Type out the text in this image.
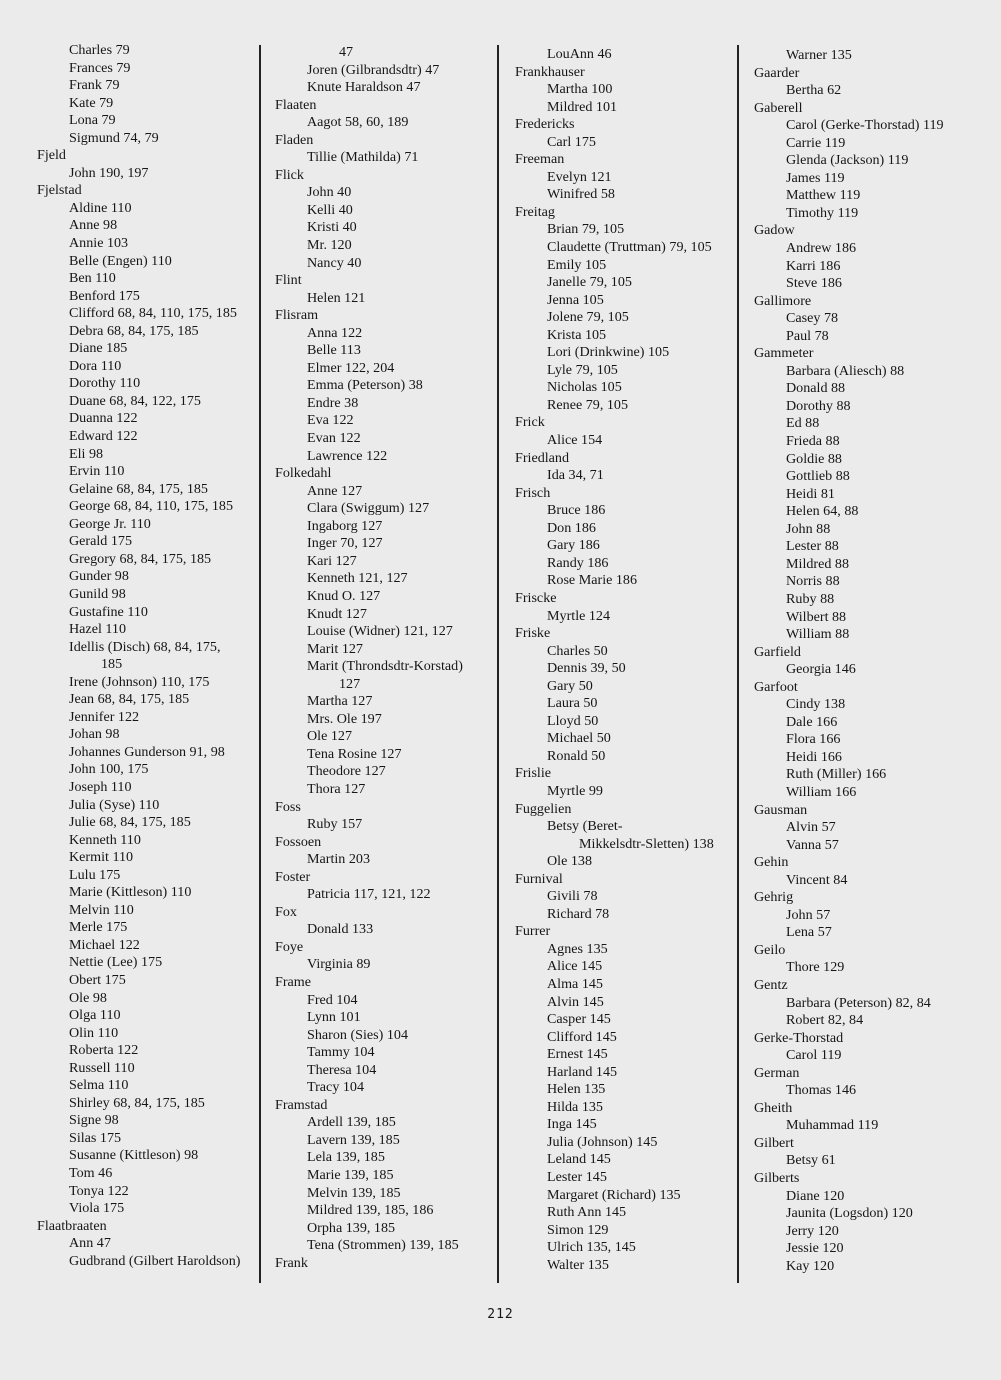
Charles 79
Frances 79
Frank 79
Kate 79
Lona 79
Sigmund 74, 79
Fjeld
John 190, 197
Fjelstad
Aldine 110
Anne 98
Annie 103
Belle (Engen) 110
Ben 110
Benford 175
Clifford 68, 84, 110, 175, 185
Debra 68, 84, 175, 185
Diane 185
Dora 110
Dorothy 110
Duane 68, 84, 122, 175
Duanna 122
Edward 122
Eli 98
Ervin 110
Gelaine 68, 84, 175, 185
George 68, 84, 110, 175, 185
George Jr. 110
Gerald 175
Gregory 68, 84, 175, 185
Gunder 98
Gunild 98
Gustafine 110
Hazel 110
Idellis (Disch) 68, 84, 175,
185
Irene (Johnson) 110, 175
Jean 68, 84, 175, 185
Jennifer 122
Johan 98
Johannes Gunderson 91, 98
John 100, 175
Joseph 110
Julia (Syse) 110
Julie 68, 84, 175, 185
Kenneth 110
Kermit 110
Lulu 175
Marie (Kittleson) 110
Melvin 110
Merle 175
Michael 122
Nettie (Lee) 175
Obert 175
Ole 98
Olga 110
Olin 110
Roberta 122
Russell 110
Selma 110
Shirley 68, 84, 175, 185
Signe 98
Silas 175
Susanne (Kittleson) 98
Tom 46
Tonya 122
Viola 175
Flaatbraaten
Ann 47
Gudbrand (Gilbert Haroldson)
47
Joren (Gilbrandsdtr) 47
Knute Haraldson 47
Flaaten
Aagot 58, 60, 189
Fladen
Tillie (Mathilda) 71
Flick
John 40
Kelli 40
Kristi 40
Mr. 120
Nancy 40
Flint
Helen 121
Flisram
Anna 122
Belle 113
Elmer 122, 204
Emma (Peterson) 38
Endre 38
Eva 122
Evan 122
Lawrence 122
Folkedahl
Anne 127
Clara (Swiggum) 127
Ingaborg 127
Inger 70, 127
Kari 127
Kenneth 121, 127
Knud O. 127
Knudt 127
Louise (Widner) 121, 127
Marit 127
Marit (Throndsdtr-Korstad)
127
Martha 127
Mrs. Ole 197
Ole 127
Tena Rosine 127
Theodore 127
Thora 127
Foss
Ruby 157
Fossoen
Martin 203
Foster
Patricia 117, 121, 122
Fox
Donald 133
Foye
Virginia 89
Frame
Fred 104
Lynn 101
Sharon (Sies) 104
Tammy 104
Theresa 104
Tracy 104
Framstad
Ardell 139, 185
Lavern 139, 185
Lela 139, 185
Marie 139, 185
Melvin 139, 185
Mildred 139, 185, 186
Orpha 139, 185
Tena (Strommen) 139, 185
Frank
LouAnn 46
Frankhauser
Martha 100
Mildred 101
Fredericks
Carl 175
Freeman
Evelyn 121
Winifred 58
Freitag
Brian 79, 105
Claudette (Truttman) 79, 105
Emily 105
Janelle 79, 105
Jenna 105
Jolene 79, 105
Krista 105
Lori (Drinkwine) 105
Lyle 79, 105
Nicholas 105
Renee 79, 105
Frick
Alice 154
Friedland
Ida 34, 71
Frisch
Bruce 186
Don 186
Gary 186
Randy 186
Rose Marie 186
Friscke
Myrtle 124
Friske
Charles 50
Dennis 39, 50
Gary 50
Laura 50
Lloyd 50
Michael 50
Ronald 50
Frislie
Myrtle 99
Fuggelien
Betsy (Beret-
Mikkelsdtr-Sletten) 138
Ole 138
Furnival
Givili 78
Richard 78
Furrer
Agnes 135
Alice 145
Alma 145
Alvin 145
Casper 145
Clifford 145
Ernest 145
Harland 145
Helen 135
Hilda 135
Inga 145
Julia (Johnson) 145
Leland 145
Lester 145
Margaret (Richard) 135
Ruth Ann 145
Simon 129
Ulrich 135, 145
Walter 135
Warner 135
Gaarder
Bertha 62
Gaberell
Carol (Gerke-Thorstad) 119
Carrie 119
Glenda (Jackson) 119
James 119
Matthew 119
Timothy 119
Gadow
Andrew 186
Karri 186
Steve 186
Gallimore
Casey 78
Paul 78
Gammeter
Barbara (Aliesch) 88
Donald 88
Dorothy 88
Ed 88
Frieda 88
Goldie 88
Gottlieb 88
Heidi 81
Helen 64, 88
John 88
Lester 88
Mildred 88
Norris 88
Ruby 88
Wilbert 88
William 88
Garfield
Georgia 146
Garfoot
Cindy 138
Dale 166
Flora 166
Heidi 166
Ruth (Miller) 166
William 166
Gausman
Alvin 57
Vanna 57
Gehin
Vincent 84
Gehrig
John 57
Lena 57
Geilo
Thore 129
Gentz
Barbara (Peterson) 82, 84
Robert 82, 84
Gerke-Thorstad
Carol 119
German
Thomas 146
Gheith
Muhammad 119
Gilbert
Betsy 61
Gilberts
Diane 120
Jaunita (Logsdon) 120
Jerry 120
Jessie 120
Kay 120
212
